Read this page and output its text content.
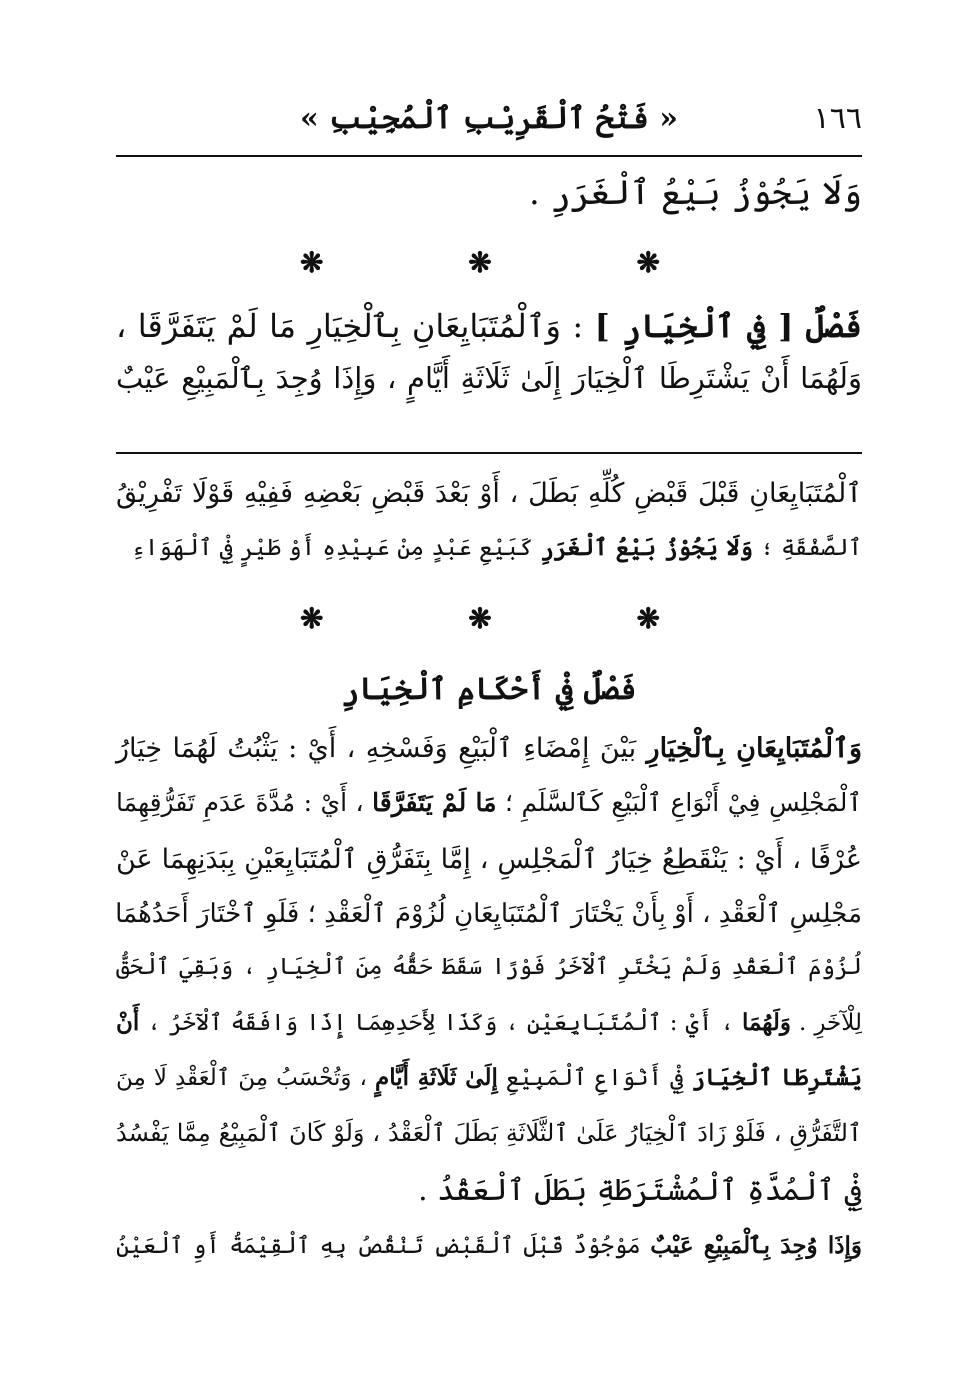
١٦٦
« فَتْحُ ٱلْقَرِيْبِ ٱلْمُجِيْبِ »
وَلَا يَجُوْزُ بَيْعُ ٱلْغَرَرِ .
❋
❋
❋
فَصْلٌ [ فِي ٱلْخِيَارِ ] : وَٱلْمُتَبَايِعَانِ بِٱلْخِيَارِ مَا لَمْ يَتَفَرَّقَا ،
وَلَهُمَا أَنْ يَشْتَرِطَا ٱلْخِيَارَ إِلَىٰ ثَلَاثَةِ أَيَّامٍ ، وَإِذَا وُجِدَ بِٱلْمَبِيْعِ عَيْبٌ
ٱلْمُتَبَايِعَانِ قَبْلَ قَبْضِ كُلِّهِ بَطَلَ ، أَوْ بَعْدَ قَبْضِ بَعْضِهِ فَفِيْهِ قَوْلَا تَفْرِيْقُ
ٱلصَّفْقَةِ ؛ وَلَا يَجُوْزُ بَيْعُ ٱلْغَرَرِ كَبَيْعِ عَبْدٍ مِنْ عَبِيْدِهِ أَوْ طَيْرٍ فِيْ ٱلْهَوَاءِ
❋
❋
❋
فَصْلٌ فِيْ أَحْكَامِ ٱلْخِيَارِ
وَٱلْمُتَبَايِعَانِ بِٱلْخِيَارِ بَيْنَ إِمْضَاءِ ٱلْبَيْعِ وَفَسْخِهِ ، أَيْ : يَثْبُتُ لَهُمَا خِيَارُ
ٱلْمَجْلِسِ فِيْ أَنْوَاعِ ٱلْبَيْعِ كَٱلسَّلَمِ ؛ مَا لَمْ يَتَفَرَّقَا ، أَيْ : مُدَّةَ عَدَمِ تَفَرُّقِهِمَا
عُرْفًا ، أَيْ : يَنْقَطِعُ خِيَارُ ٱلْمَجْلِسِ ، إِمَّا بِتَفَرُّقِ ٱلْمُتَبَايِعَيْنِ بِبَدَنِهِمَا عَنْ
مَجْلِسِ ٱلْعَقْدِ ، أَوْ بِأَنْ يَخْتَارَ ٱلْمُتَبَايِعَانِ لُزُوْمَ ٱلْعَقْدِ ؛ فَلَوِ ٱخْتَارَ أَحَدُهُمَا
لُزُوْمَ ٱلْعَقْدِ وَلَمْ يَخْتَرِ ٱلْآخَرُ فَوْرًا سَقَطَ حَقُّهُ مِنَ ٱلْخِيَارِ ، وَبَقِيَ ٱلْحَقُّ
لِلْآخَرِ . وَلَهُمَا ، أَيْ : ٱلْمُتَبَايِعَيْنِ ، وَكَذَا لِأَحَدِهِمَا إِذَا وَافَقَهُ ٱلْآخَرُ ، أَنْ
يَشْتَرِطَا ٱلْخِيَارَ فِيْ أَنْوَاعِ ٱلْمَبِيْعِ إِلَىٰ ثَلَاثَةِ أَيَّامٍ ، وَتُحْسَبُ مِنَ ٱلْعَقْدِ لَا مِنَ
ٱلتَّفَرُّقِ ، فَلَوْ زَادَ ٱلْخِيَارُ عَلَىٰ ٱلثَّلَاثَةِ بَطَلَ ٱلْعَقْدُ ، وَلَوْ كَانَ ٱلْمَبِيْعُ مِمَّا يَفْسُدُ
فِيْ ٱلْمُدَّةِ ٱلْمُشْتَرَطَةِ بَطَلَ ٱلْعَقْدُ .
وَإِذَا وُجِدَ بِٱلْمَبِيْعِ عَيْبٌ مَوْجُوْدٌ قَبْلَ ٱلْقَبْضِ تَنْقُصُ بِهِ ٱلْقِيْمَةُ أَوِ ٱلْعَيْنُ
